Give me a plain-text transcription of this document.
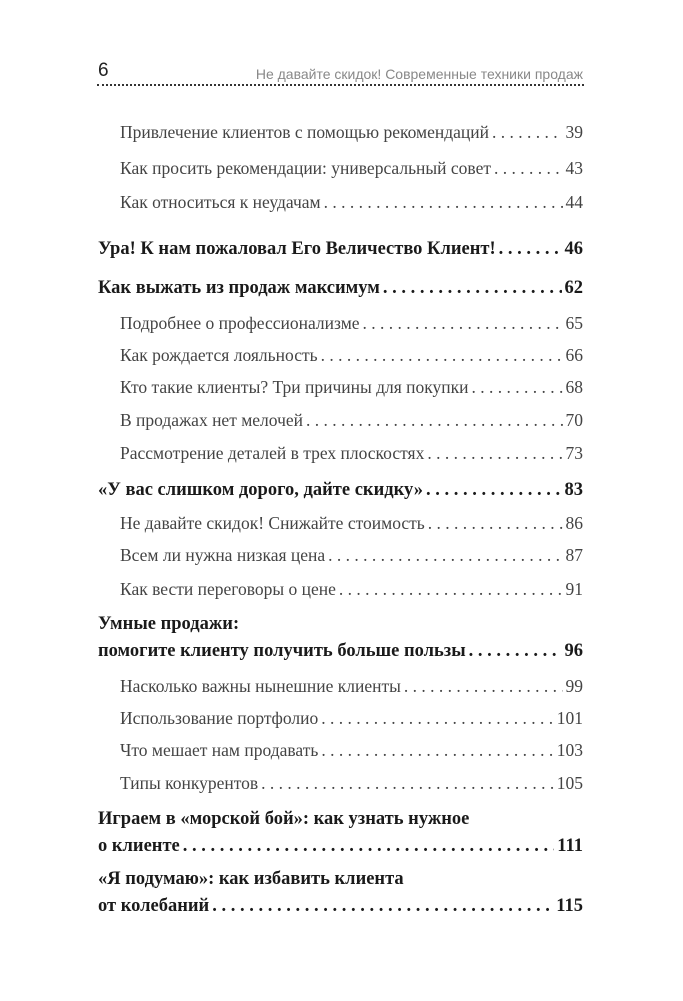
6	Не давайте скидок! Современные техники продаж
Привлечение клиентов с помощью рекомендаций . . .	39
Как просить рекомендации: универсальный совет . . .	43
Как относиться к неудачам . . .	44
Ура! К нам пожаловал Его Величество Клиент! . . .	46
Как выжать из продаж максимум . . .	62
Подробнее о профессионализме . . .	65
Как рождается лояльность . . .	66
Кто такие клиенты? Три причины для покупки . . .	68
В продажах нет мелочей . . .	70
Рассмотрение деталей в трех плоскостях . . .	73
«У вас слишком дорого, дайте скидку» . . .	83
Не давайте скидок! Снижайте стоимость . . .	86
Всем ли нужна низкая цена . . .	87
Как вести переговоры о цене . . .	91
Умные продажи:
помогите клиенту получить больше пользы . . .	96
Насколько важны нынешние клиенты . . .	99
Использование портфолио . . .	101
Что мешает нам продавать . . .	103
Типы конкурентов . . .	105
Играем в «морской бой»: как узнать нужное
о клиенте . . .	111
«Я подумаю»: как избавить клиента
от колебаний . . .	115
